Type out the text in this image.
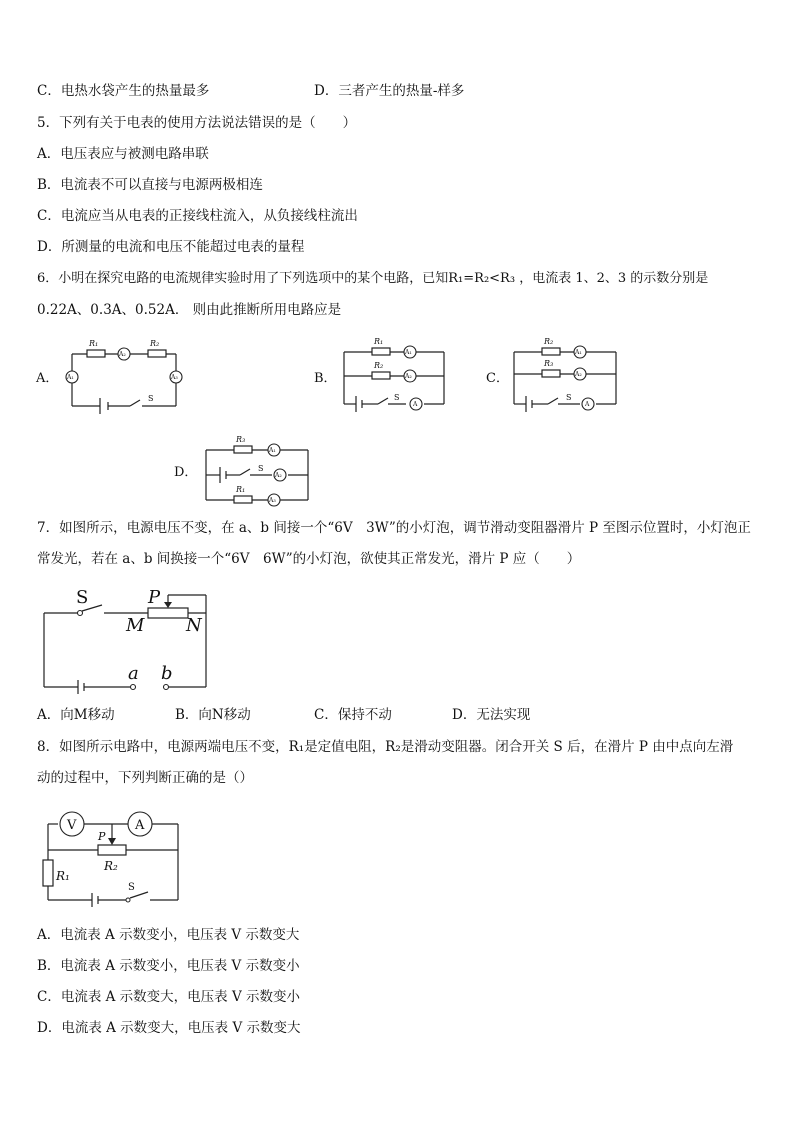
C．电热水袋产生的热量最多	D．三者产生的热量-样多
5．下列有关于电表的使用方法说法错误的是（　　）
A．电压表应与被测电路串联
B．电流表不可以直接与电源两极相连
C．电流应当从电表的正接线柱流入，从负接线柱流出
D．所测量的电流和电压不能超过电表的量程
6．小明在探究电路的电流规律实验时用了下列选项中的某个电路，已知R₁=R₂<R₃ ，电流表 1、2、3 的示数分别是
0.22A、0.3A、0.52A． 则由此推断所用电路应是
A．
S
R₁
A₂
R₂
A₁	A₃	B．
S
A
R₁
A₁
R₂
A₂	C．
S
A
R₂
A₁
R₃
A₂
D．	S
A₂
R₃
A₁
R₁
A₃
7．如图所示，电源电压不变，在 a、b 间接一个“6V　3W”的小灯泡，调节滑动变阻器滑片 P 至图示位置时，小灯泡正
常发光，若在 a、b 间换接一个“6V　6W”的小灯泡，欲使其正常发光，滑片 P 应（　　）
S	P
M N
a b
A．向M移动	B．向N移动	C．保持不动	D．无法实现
8．如图所示电路中，电源两端电压不变，R₁是定值电阻，R₂是滑动变阻器。闭合开关 S 后，在滑片 P 由中点向左滑
动的过程中，下列判断正确的是（）
V	A
P
R₂
R₁
S
A．电流表 A 示数变小，电压表 V 示数变大
B．电流表 A 示数变小，电压表 V 示数变小
C．电流表 A 示数变大，电压表 V 示数变小
D．电流表 A 示数变大，电压表 V 示数变大
